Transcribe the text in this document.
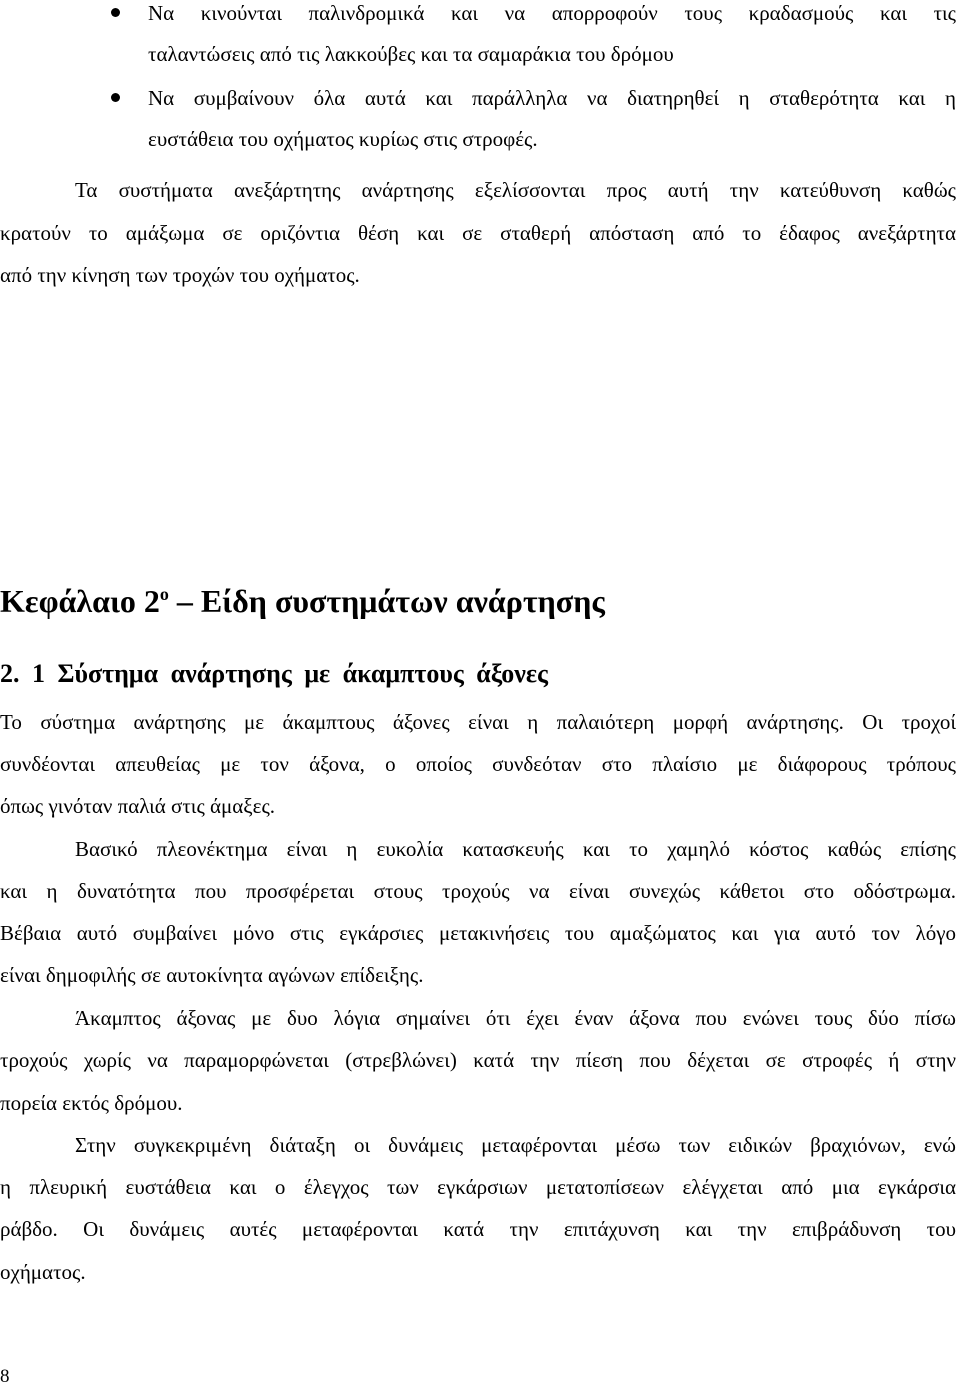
Να κινούνται παλινδρομικά και να απορροφούν τους κραδασμούς και τις
ταλαντώσεις από τις λακκούβες και τα σαμαράκια του δρόμου
Να συμβαίνουν όλα αυτά και παράλληλα να διατηρηθεί η σταθερότητα και η
ευστάθεια του οχήματος κυρίως στις στροφές.
Τα συστήματα ανεξάρτητης ανάρτησης εξελίσσονται προς αυτή την κατεύθυνση καθώς
κρατούν το αμάξωμα σε οριζόντια θέση και σε σταθερή απόσταση από το έδαφος ανεξάρτητα
από την κίνηση των τροχών του οχήματος.
Κεφάλαιο $2^o$ – Είδη συστημάτων ανάρτησης
2. 1 Σύστημα ανάρτησης με άκαμπτους άξονες
Το σύστημα ανάρτησης με άκαμπτους άξονες είναι η παλαιότερη μορφή ανάρτησης. Οι τροχοί
συνδέονται απευθείας με τον άξονα, ο οποίος συνδεόταν στο πλαίσιο με διάφορους τρόπους
όπως γινόταν παλιά στις άμαξες.
Βασικό πλεονέκτημα είναι η ευκολία κατασκευής και το χαμηλό κόστος καθώς επίσης
και η δυνατότητα που προσφέρεται στους τροχούς να είναι συνεχώς κάθετοι στο οδόστρωμα.
Βέβαια αυτό συμβαίνει μόνο στις εγκάρσιες μετακινήσεις του αμαξώματος και για αυτό τον λόγο
είναι δημοφιλής σε αυτοκίνητα αγώνων επίδειξης.
Άκαμπτος άξονας με δυο λόγια σημαίνει ότι έχει έναν άξονα που ενώνει τους δύο πίσω
τροχούς χωρίς να παραμορφώνεται (στρεβλώνει) κατά την πίεση που δέχεται σε στροφές ή στην
πορεία εκτός δρόμου.
Στην συγκεκριμένη διάταξη οι δυνάμεις μεταφέρονται μέσω των ειδικών βραχιόνων, ενώ
η πλευρική ευστάθεια και ο έλεγχος των εγκάρσιων μετατοπίσεων ελέγχεται από μια εγκάρσια
ράβδο. Οι δυνάμεις αυτές μεταφέρονται κατά την επιτάχυνση και την επιβράδυνση του
οχήματος.
8
